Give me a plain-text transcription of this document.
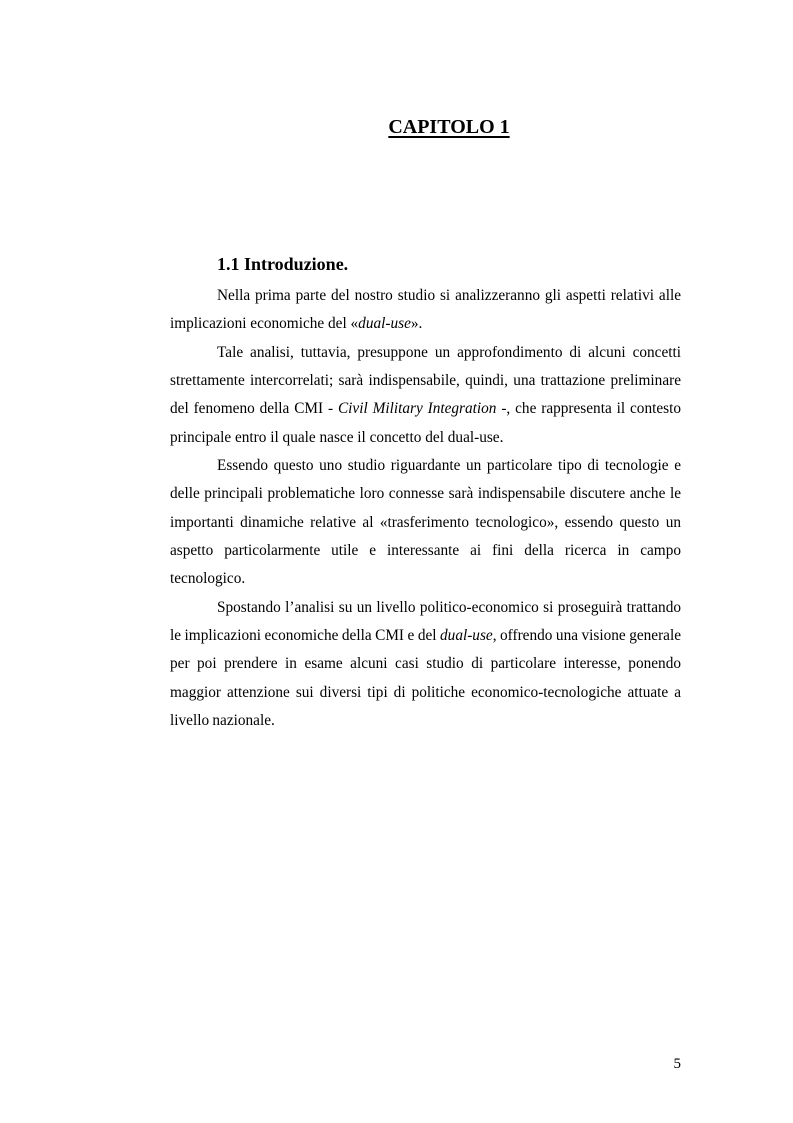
CAPITOLO 1
1.1 Introduzione.

Nella prima parte del nostro studio si analizzeranno gli aspetti relativi alle implicazioni economiche del «dual-use».

Tale analisi, tuttavia, presuppone un approfondimento di alcuni concetti strettamente intercorrelati; sarà indispensabile, quindi, una trattazione preliminare del fenomeno della CMI - Civil Military Integration -, che rappresenta il contesto principale entro il quale nasce il concetto del dual-use.

Essendo questo uno studio riguardante un particolare tipo di tecnologie e delle principali problematiche loro connesse sarà indispensabile discutere anche le importanti dinamiche relative al «trasferimento tecnologico», essendo questo un aspetto particolarmente utile e interessante ai fini della ricerca in campo tecnologico.

Spostando l’analisi su un livello politico-economico si proseguirà trattando le implicazioni economiche della CMI e del dual-use, offrendo una visione generale per poi prendere in esame alcuni casi studio di particolare interesse, ponendo maggior attenzione sui diversi tipi di politiche economico-tecnologiche attuate a livello nazionale.

5
